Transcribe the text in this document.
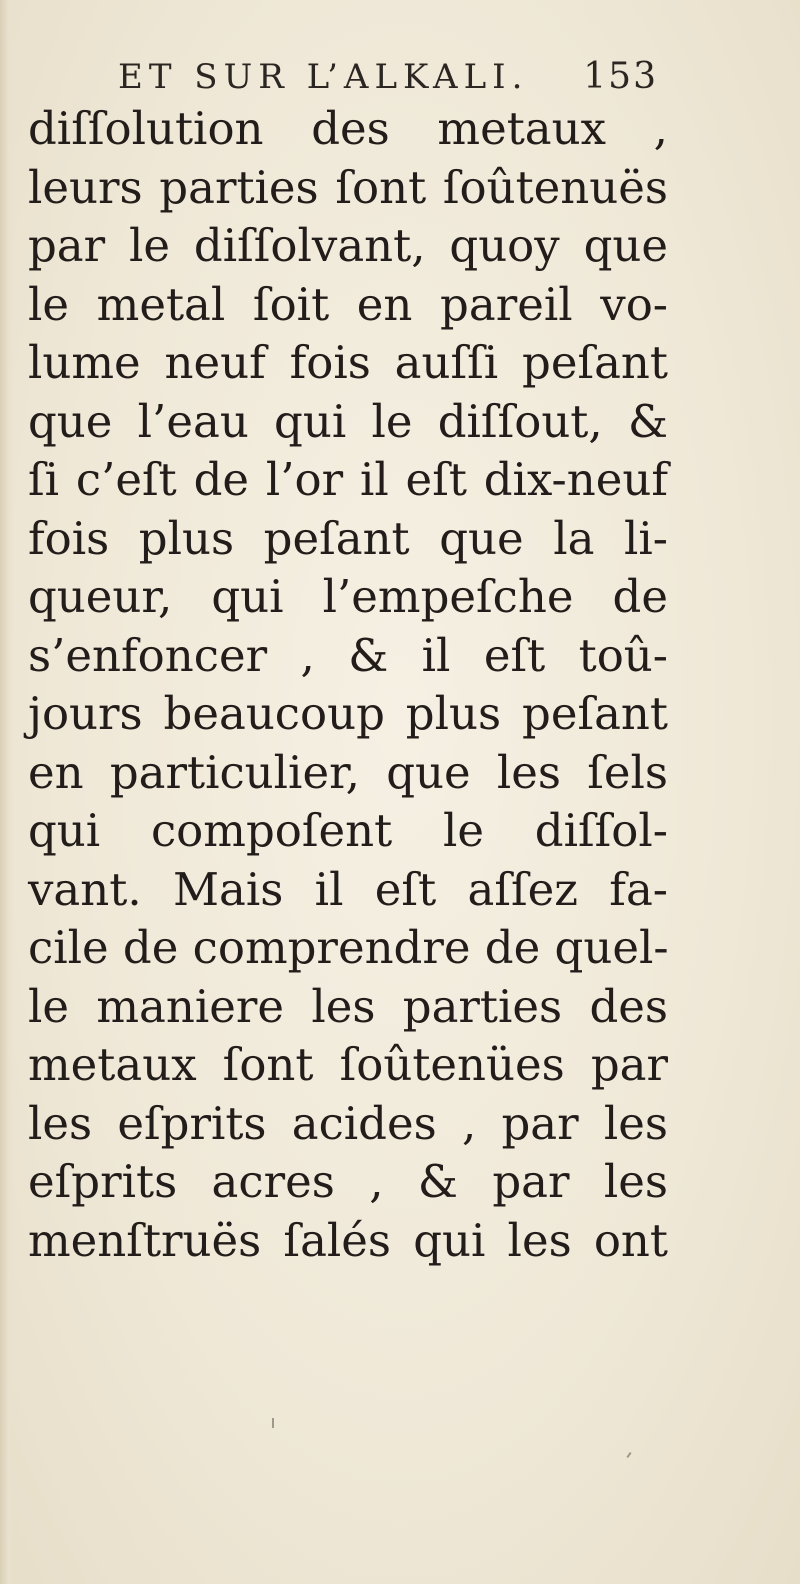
ET SUR L’ALKALI. 153
diſſolution des metaux ,
leurs parties ſont ſoûtenuës
par le diſſolvant, quoy que
le metal ſoit en pareil vo-
lume neuf fois auſſi peſant
que l’eau qui le diſſout, &
ſi c’eſt de l’or il eſt dix-neuf
fois plus peſant que la li-
queur, qui l’empeſche de
s’enfoncer , & il eſt toû-
jours beaucoup plus peſant
en particulier, que les ſels
qui compoſent le diſſol-
vant. Mais il eſt aſſez fa-
cile de comprendre de quel-
le maniere les parties des
metaux ſont ſoûtenües par
les eſprits acides , par les
eſprits acres , & par les
menſtruës ſalés qui les ont
